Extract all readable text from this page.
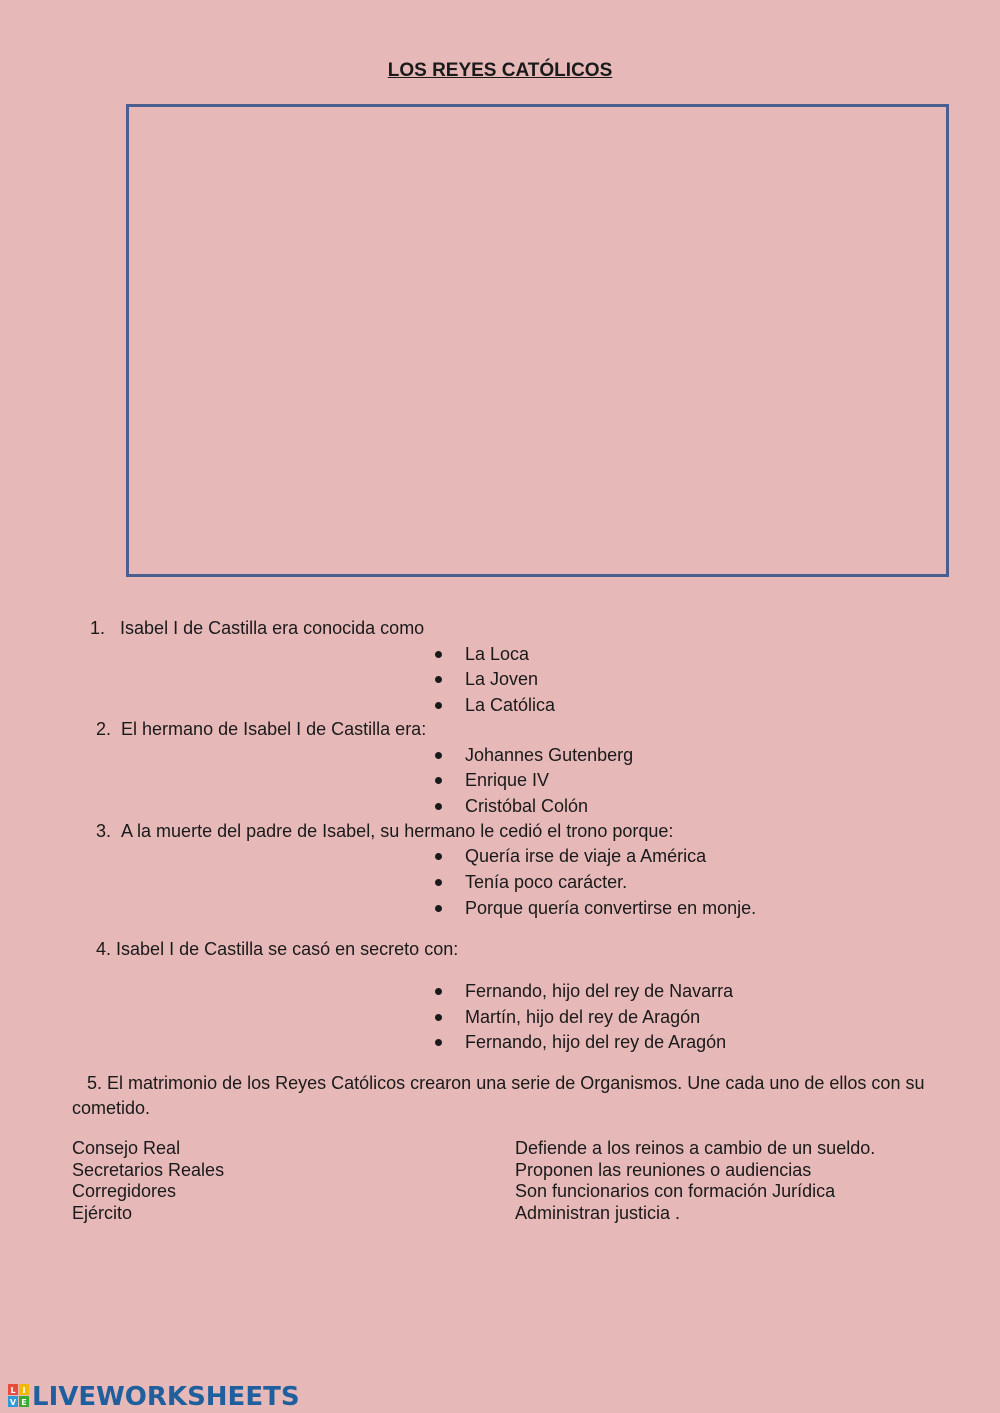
LOS REYES CATÓLICOS
1. Isabel I de Castilla era conocida como
La Loca
La Joven
La Católica
2. El hermano de Isabel I de Castilla era:
Johannes Gutenberg
Enrique IV
Cristóbal Colón
3. A la muerte del padre de Isabel, su hermano le cedió el trono porque:
Quería irse de viaje a América
Tenía poco carácter.
Porque quería convertirse en monje.
4. Isabel I de Castilla se casó en secreto con:
Fernando, hijo del rey de Navarra
Martín, hijo del rey de Aragón
Fernando, hijo del rey de Aragón
5. El matrimonio de los Reyes Católicos crearon una serie de Organismos. Une cada uno de ellos con su cometido.
Consejo Real
Secretarios Reales
Corregidores
Ejército
Defiende a los reinos a cambio de un sueldo.
Proponen las reuniones o audiencias
Son funcionarios con formación Jurídica
Administran justicia .
L I
V E LIVEWORKSHEETS
